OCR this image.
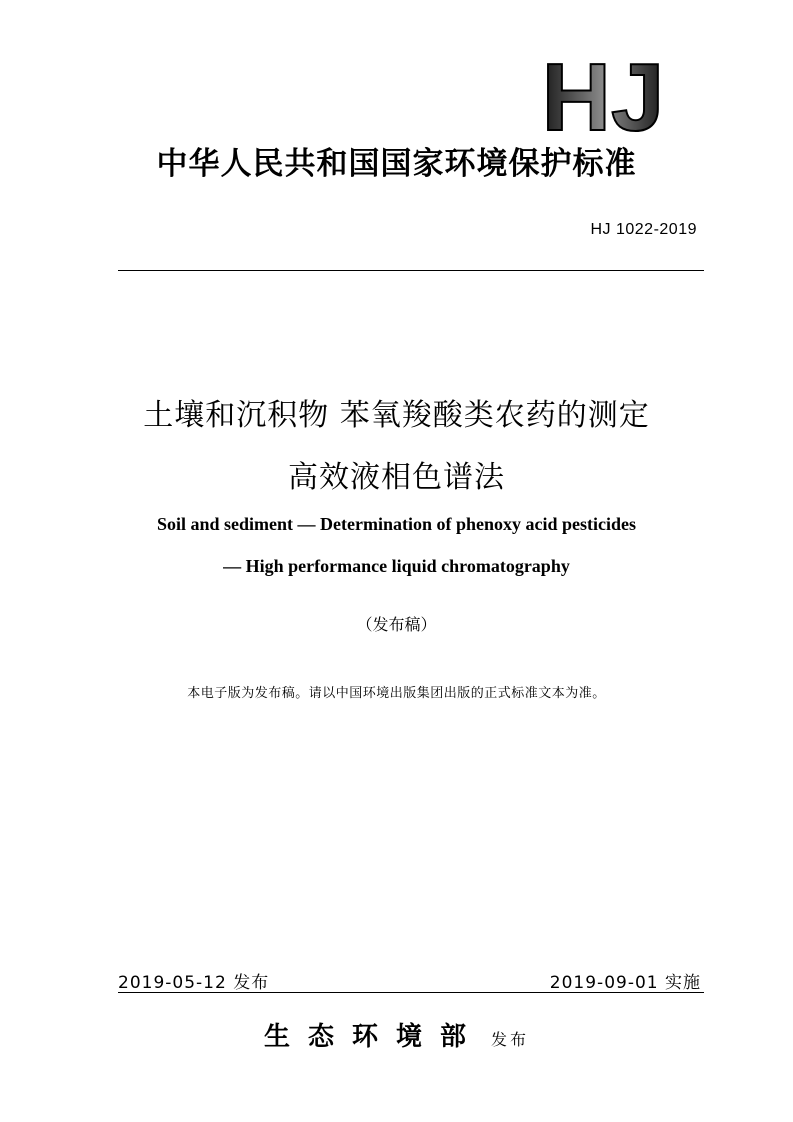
HJ
中华人民共和国国家环境保护标准
HJ 1022-2019
土壤和沉积物 苯氧羧酸类农药的测定
高效液相色谱法
Soil and sediment — Determination of phenoxy acid pesticides
— High performance liquid chromatography
（发布稿）
本电子版为发布稿。请以中国环境出版集团出版的正式标准文本为准。
2019-05-12 发布	2019-09-01 实施
生态环境部 发布
